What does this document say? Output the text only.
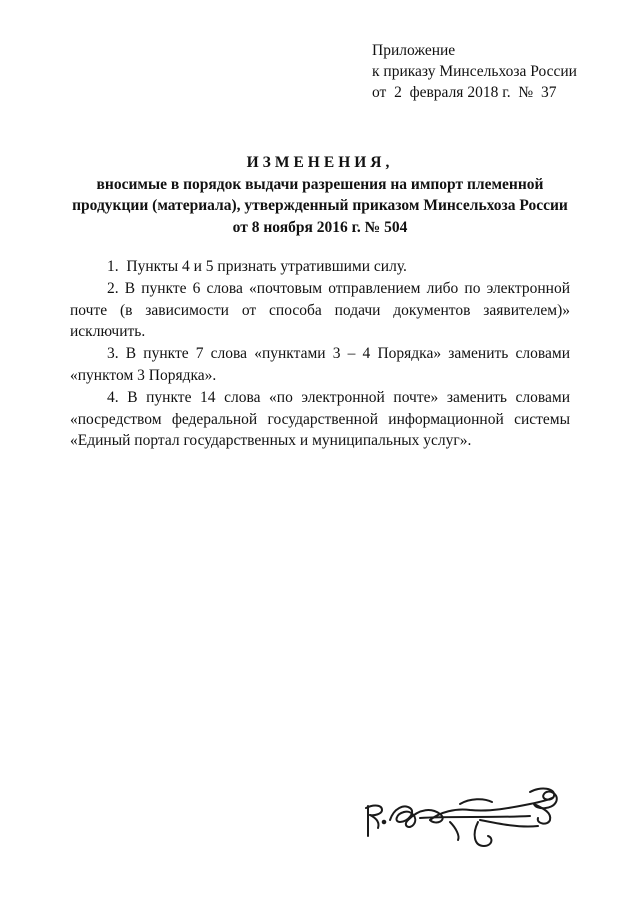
Приложение
к приказу Минсельхоза России
от  2  февраля 2018 г.  №  37
ИЗМЕНЕНИЯ,
вносимые в порядок выдачи разрешения на импорт племенной
продукции (материала), утвержденный приказом Минсельхоза России
от 8 ноября 2016 г. № 504

1.  Пункты 4 и 5 признать утратившими силу.

2. В пункте 6 слова «почтовым отправлением либо по электронной почте (в зависимости от способа подачи документов заявителем)» исключить.

3. В пункте 7 слова «пунктами 3 – 4 Порядка» заменить словами «пунктом 3 Порядка».

4. В пункте 14 слова «по электронной почте» заменить словами «посредством федеральной государственной информационной системы «Единый портал государственных и муниципальных услуг».
